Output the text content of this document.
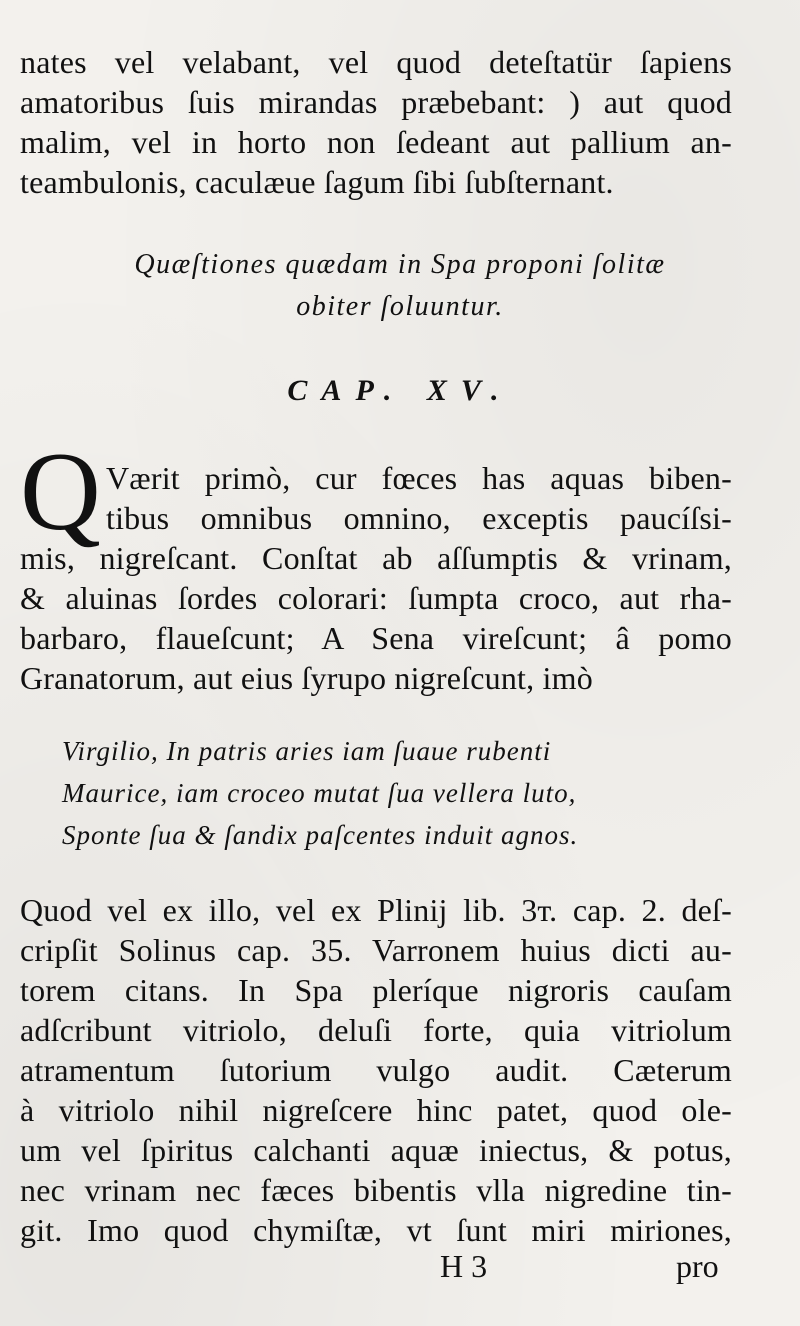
nates vel velabant, vel quod deteſtatür ſapiens
amatoribus ſuis mirandas præbebant: ) aut quod
malim, vel in horto non ſedeant aut pallium an-
teambulonis, caculæue ſagum ſibi ſubſternant.
Quæſtiones quædam in Spa proponi ſolitæ
obiter ſoluuntur.
CAP. XV.
Q Værit primò, cur fœces has aquas biben-
tibus omnibus omnino, exceptis paucíſsi-
mis, nigreſcant. Conſtat ab aſſumptis & vrinam,
& aluinas ſordes colorari: ſumpta croco, aut rha-
barbaro, flaueſcunt; A Sena vireſcunt; â pomo
Granatorum, aut eius ſyrupo nigreſcunt, imò
Virgilio, In patris aries iam ſuaue rubenti
Maurice, iam croceo mutat ſua vellera luto,
Sponte ſua & ſandix paſcentes induit agnos.
Quod vel ex illo, vel ex Plinij lib. 3т. cap. 2. deſ-
cripſit Solinus cap. 35. Varronem huius dicti au-
torem citans. In Spa pleríque nigroris cauſam
adſcribunt vitriolo, deluſi forte, quia vitriolum
atramentum ſutorium vulgo audit. Cæterum
à vitriolo nihil nigreſcere hinc patet, quod ole-
um vel ſpiritus calchanti aquæ iniectus, & potus,
nec vrinam nec fæces bibentis vlla nigredine tin-
git. Imo quod chymiſtæ, vt ſunt miri miriones,
H 3	pro
